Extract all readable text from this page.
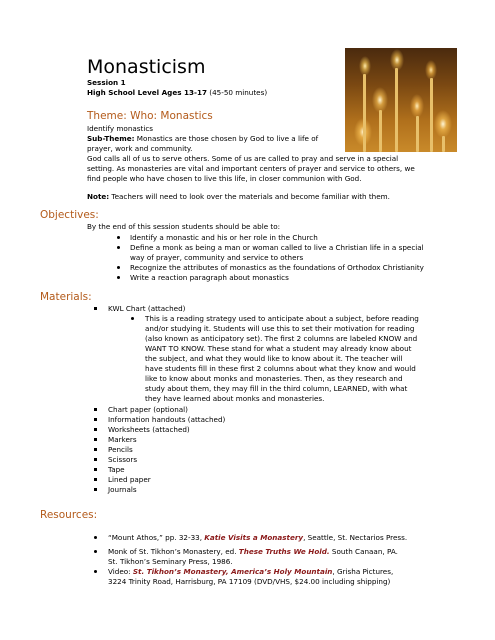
Monasticism
Session 1
High School Level Ages 13-17 (45-50 minutes)
Theme: Who: Monastics
Identify monastics
Sub-Theme: Monastics are those chosen by God to live a life of
prayer, work and community.
God calls all of us to serve others. Some of us are called to pray and serve in a special
setting. As monasteries are vital and important centers of prayer and service to others, we
find people who have chosen to live this life, in closer communion with God.
Note: Teachers will need to look over the materials and become familiar with them.
Objectives:
By the end of this session students should be able to:
Identify a monastic and his or her role in the Church
Define a monk as being a man or woman called to live a Christian life in a special
way of prayer, community and service to others
Recognize the attributes of monastics as the foundations of Orthodox Christianity
Write a reaction paragraph about monastics
Materials:
KWL Chart (attached)
This is a reading strategy used to anticipate about a subject, before reading
and/or studying it. Students will use this to set their motivation for reading
(also known as anticipatory set). The first 2 columns are labeled KNOW and
WANT TO KNOW. These stand for what a student may already know about
the subject, and what they would like to know about it. The teacher will
have students fill in these first 2 columns about what they know and would
like to know about monks and monasteries. Then, as they research and
study about them, they may fill in the third column, LEARNED, with what
they have learned about monks and monasteries.
Chart paper (optional)
Information handouts (attached)
Worksheets (attached)
Markers
Pencils
Scissors
Tape
Lined paper
Journals
Resources:
“Mount Athos,” pp. 32-33, Katie Visits a Monastery, Seattle, St. Nectarios Press.
Monk of St. Tikhon’s Monastery, ed. These Truths We Hold. South Canaan, PA.
St. Tikhon’s Seminary Press, 1986.
Video: St. Tikhon’s Monastery, America’s Holy Mountain, Grisha Pictures,
3224 Trinity Road, Harrisburg, PA 17109 (DVD/VHS, $24.00 including shipping)
